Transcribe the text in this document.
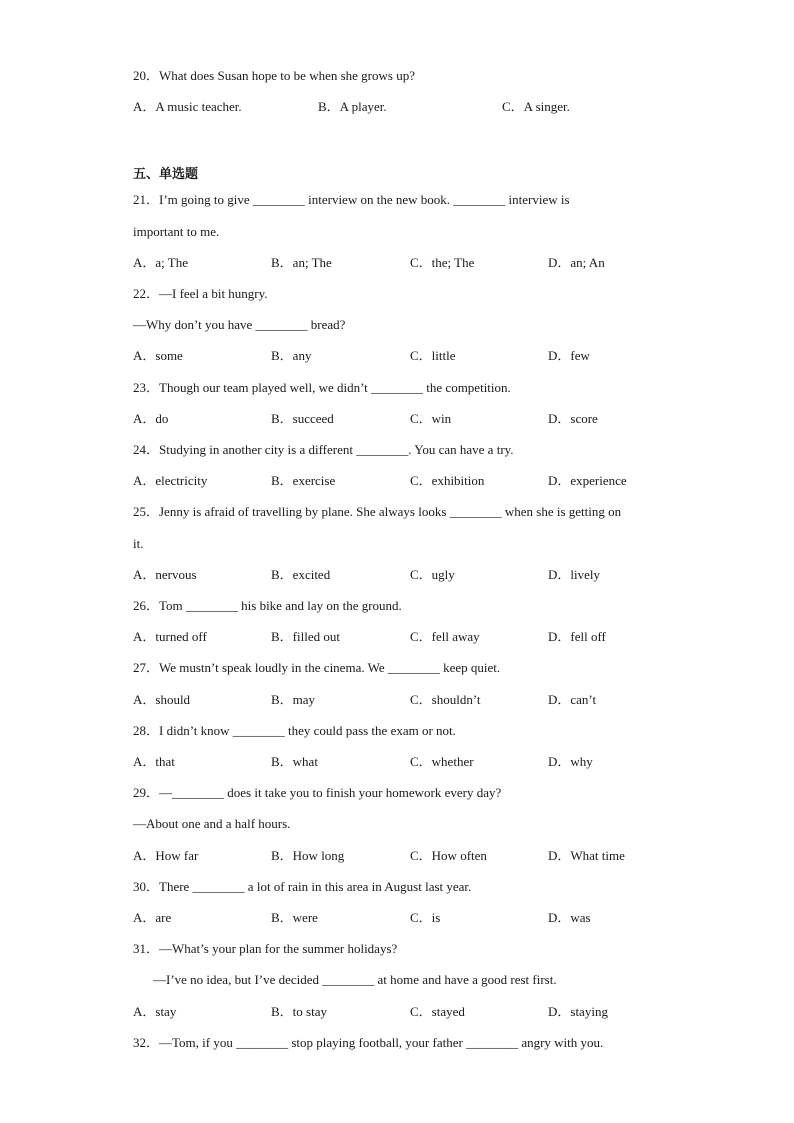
20．What does Susan hope to be when she grows up?
A．A music teacher.	B．A player.	C．A singer.
五、单选题
21．I’m going to give ________ interview on the new book. ________ interview is
important to me.
A．a; The	B．an; The	C．the; The	D．an; An
22．—I feel a bit hungry.
—Why don’t you have ________ bread?
A．some	B．any	C．little	D．few
23．Though our team played well, we didn’t ________ the competition.
A．do	B．succeed	C．win	D．score
24．Studying in another city is a different ________. You can have a try.
A．electricity	B．exercise	C．exhibition	D．experience
25．Jenny is afraid of travelling by plane. She always looks ________ when she is getting on
it.
A．nervous	B．excited	C．ugly	D．lively
26．Tom ________ his bike and lay on the ground.
A．turned off	B．filled out	C．fell away	D．fell off
27．We mustn’t speak loudly in the cinema. We ________ keep quiet.
A．should	B．may	C．shouldn’t	D．can’t
28．I didn’t know ________ they could pass the exam or not.
A．that	B．what	C．whether	D．why
29．—________ does it take you to finish your homework every day?
—About one and a half hours.
A．How far	B．How long	C．How often	D．What time
30．There ________ a lot of rain in this area in August last year.
A．are	B．were	C．is	D．was
31．—What’s your plan for the summer holidays?
—I’ve no idea, but I’ve decided ________ at home and have a good rest first.
A．stay	B．to stay	C．stayed	D．staying
32．—Tom, if you ________ stop playing football, your father ________ angry with you.
